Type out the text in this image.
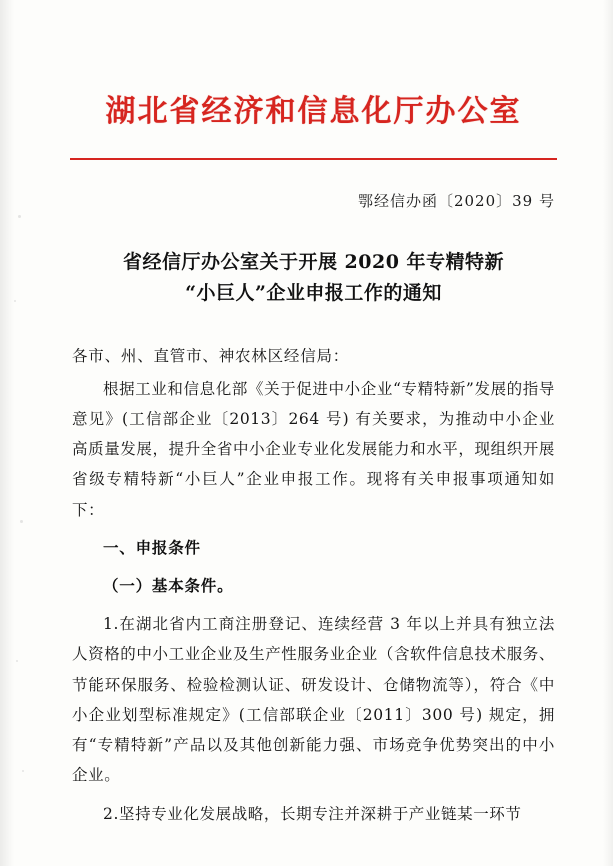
湖北省经济和信息化厅办公室
鄂经信办函〔2020〕39 号
省经信厅办公室关于开展 2020 年专精特新
“小巨人”企业申报工作的通知
各市、州、直管市、神农林区经信局：

根据工业和信息化部《关于促进中小企业“专精特新”发展的指导意见》(工信部企业〔2013〕264 号) 有关要求，为推动中小企业高质量发展，提升全省中小企业专业化发展能力和水平，现组织开展省级专精特新“小巨人”企业申报工作。现将有关申报事项通知如下：

一、申报条件

（一）基本条件。

1.在湖北省内工商注册登记、连续经营 3 年以上并具有独立法人资格的中小工业企业及生产性服务业企业（含软件信息技术服务、节能环保服务、检验检测认证、研发设计、仓储物流等），符合《中小企业划型标准规定》(工信部联企业〔2011〕300 号) 规定，拥有“专精特新”产品以及其他创新能力强、市场竞争优势突出的中小企业。

2.坚持专业化发展战略，长期专注并深耕于产业链某一环节
